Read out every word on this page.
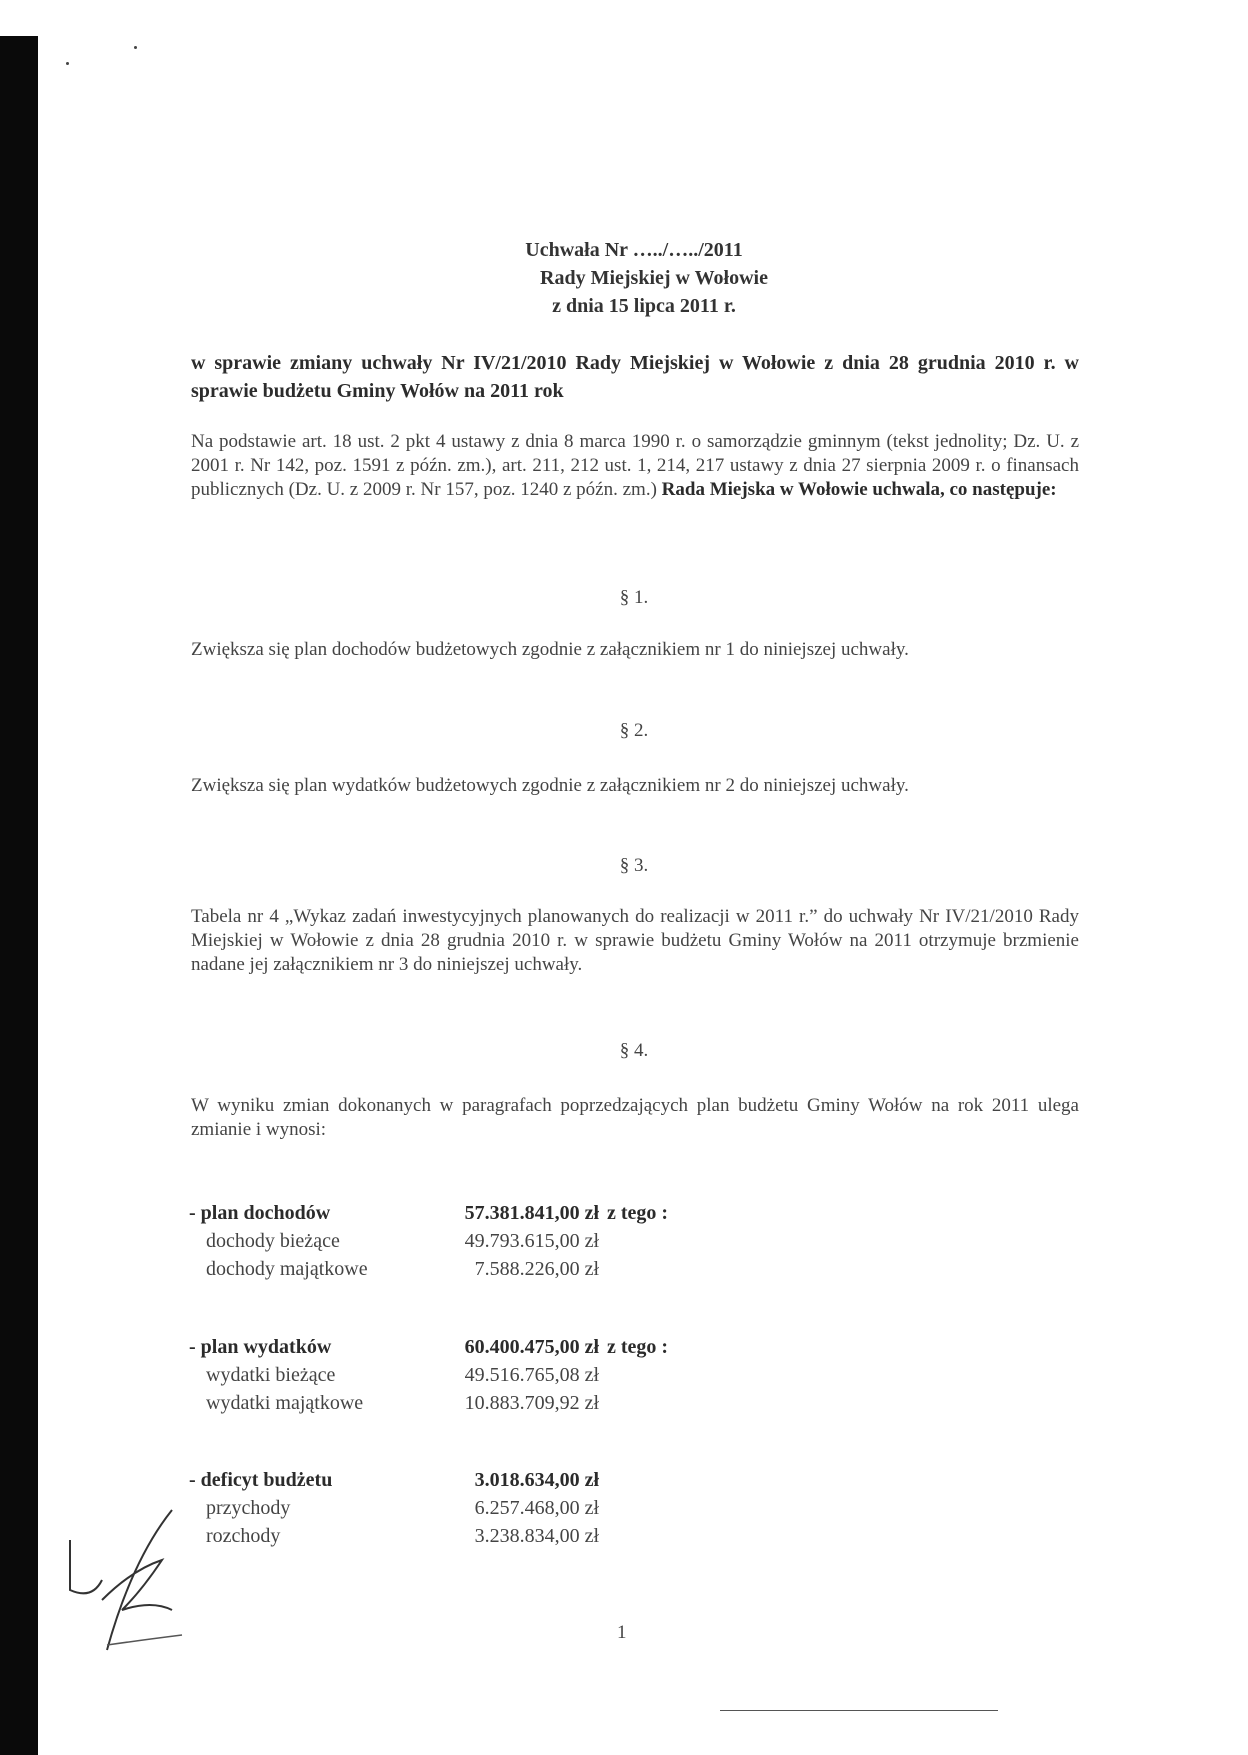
Uchwała Nr …../…../2011
Rady Miejskiej w Wołowie
z dnia 15 lipca 2011 r.
w sprawie zmiany uchwały Nr IV/21/2010 Rady Miejskiej w Wołowie z dnia 28 grudnia 2010 r. w sprawie budżetu Gminy Wołów na 2011 rok
Na podstawie art. 18 ust. 2 pkt 4 ustawy z dnia 8 marca 1990 r. o samorządzie gminnym (tekst jednolity; Dz. U. z 2001 r. Nr 142, poz. 1591 z późn. zm.), art. 211, 212 ust. 1, 214, 217 ustawy z dnia 27 sierpnia 2009 r. o finansach publicznych (Dz. U. z 2009 r. Nr 157, poz. 1240 z późn. zm.) Rada Miejska w Wołowie uchwala, co następuje:
§ 1.
Zwiększa się plan dochodów budżetowych zgodnie z załącznikiem nr 1 do niniejszej uchwały.
§ 2.
Zwiększa się plan wydatków budżetowych zgodnie z załącznikiem nr 2 do niniejszej uchwały.
§ 3.
Tabela nr 4 „Wykaz zadań inwestycyjnych planowanych do realizacji w 2011 r.” do uchwały Nr IV/21/2010 Rady Miejskiej w Wołowie z dnia 28 grudnia 2010 r. w sprawie budżetu Gminy Wołów na 2011 otrzymuje brzmienie nadane jej załącznikiem nr 3 do niniejszej uchwały.
§ 4.
W wyniku zmian dokonanych w paragrafach poprzedzających plan budżetu Gminy Wołów na rok 2011 ulega zmianie i wynosi:
- plan dochodów	57.381.841,00 zł z tego :
dochody bieżące	49.793.615,00 zł
dochody majątkowe	7.588.226,00 zł
- plan wydatków	60.400.475,00 zł z tego :
wydatki bieżące	49.516.765,08 zł
wydatki majątkowe	10.883.709,92 zł
- deficyt budżetu	3.018.634,00 zł
przychody	6.257.468,00 zł
rozchody	3.238.834,00 zł
1
